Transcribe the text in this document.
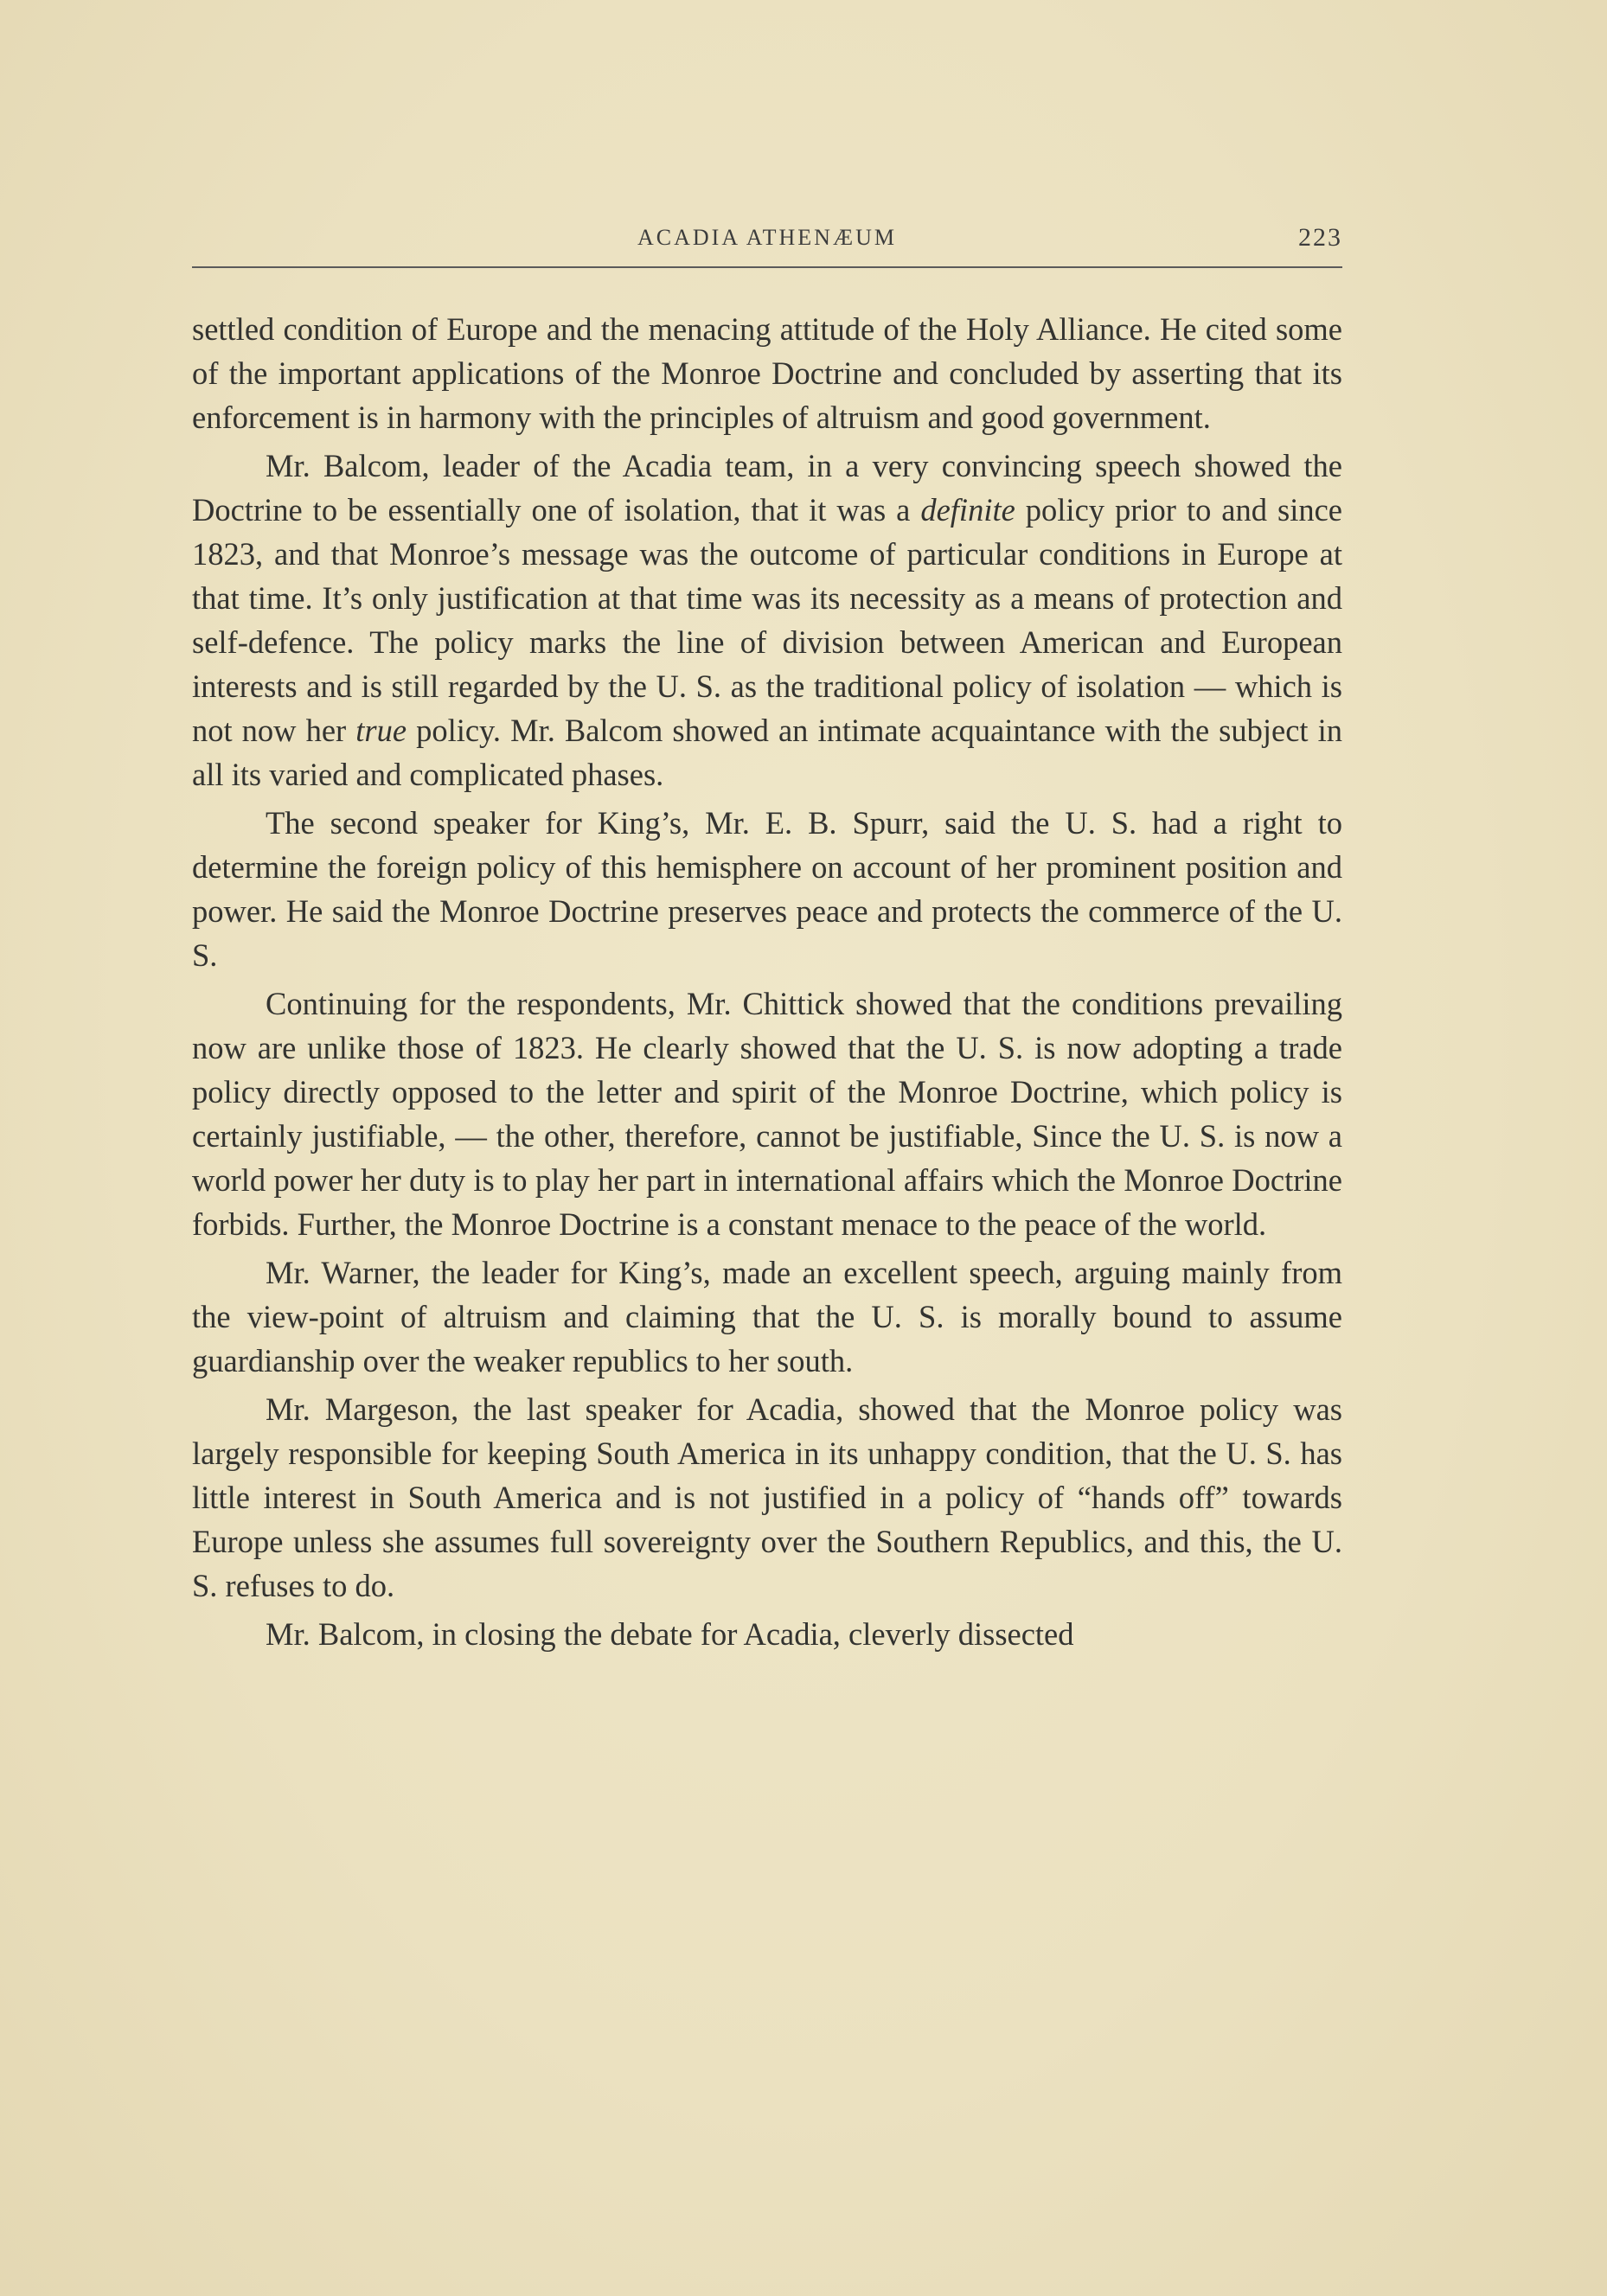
ACADIA ATHENÆUM	223

settled condition of Europe and the menacing attitude of the Holy Alliance. He cited some of the important applications of the Monroe Doctrine and concluded by asserting that its enforcement is in harmony with the principles of altruism and good government.

Mr. Balcom, leader of the Acadia team, in a very convincing speech showed the Doctrine to be essentially one of isolation, that it was a definite policy prior to and since 1823, and that Monroe’s message was the outcome of particular conditions in Europe at that time. It’s only justification at that time was its necessity as a means of protection and self-defence. The policy marks the line of division between American and European interests and is still regarded by the U. S. as the traditional policy of isolation — which is not now her true policy. Mr. Balcom showed an intimate acquaintance with the subject in all its varied and complicated phases.

The second speaker for King’s, Mr. E. B. Spurr, said the U. S. had a right to determine the foreign policy of this hemisphere on account of her prominent position and power. He said the Monroe Doctrine preserves peace and protects the commerce of the U. S.

Continuing for the respondents, Mr. Chittick showed that the conditions prevailing now are unlike those of 1823. He clearly showed that the U. S. is now adopting a trade policy directly opposed to the letter and spirit of the Monroe Doctrine, which policy is certainly justifiable, — the other, therefore, cannot be justifiable, Since the U. S. is now a world power her duty is to play her part in international affairs which the Monroe Doctrine forbids. Further, the Monroe Doctrine is a constant menace to the peace of the world.

Mr. Warner, the leader for King’s, made an excellent speech, arguing mainly from the view-point of altruism and claiming that the U. S. is morally bound to assume guardianship over the weaker republics to her south.

Mr. Margeson, the last speaker for Acadia, showed that the Monroe policy was largely responsible for keeping South America in its unhappy condition, that the U. S. has little interest in South America and is not justified in a policy of “hands off” towards Europe unless she assumes full sovereignty over the Southern Republics, and this, the U. S. refuses to do.

Mr. Balcom, in closing the debate for Acadia, cleverly dissected
